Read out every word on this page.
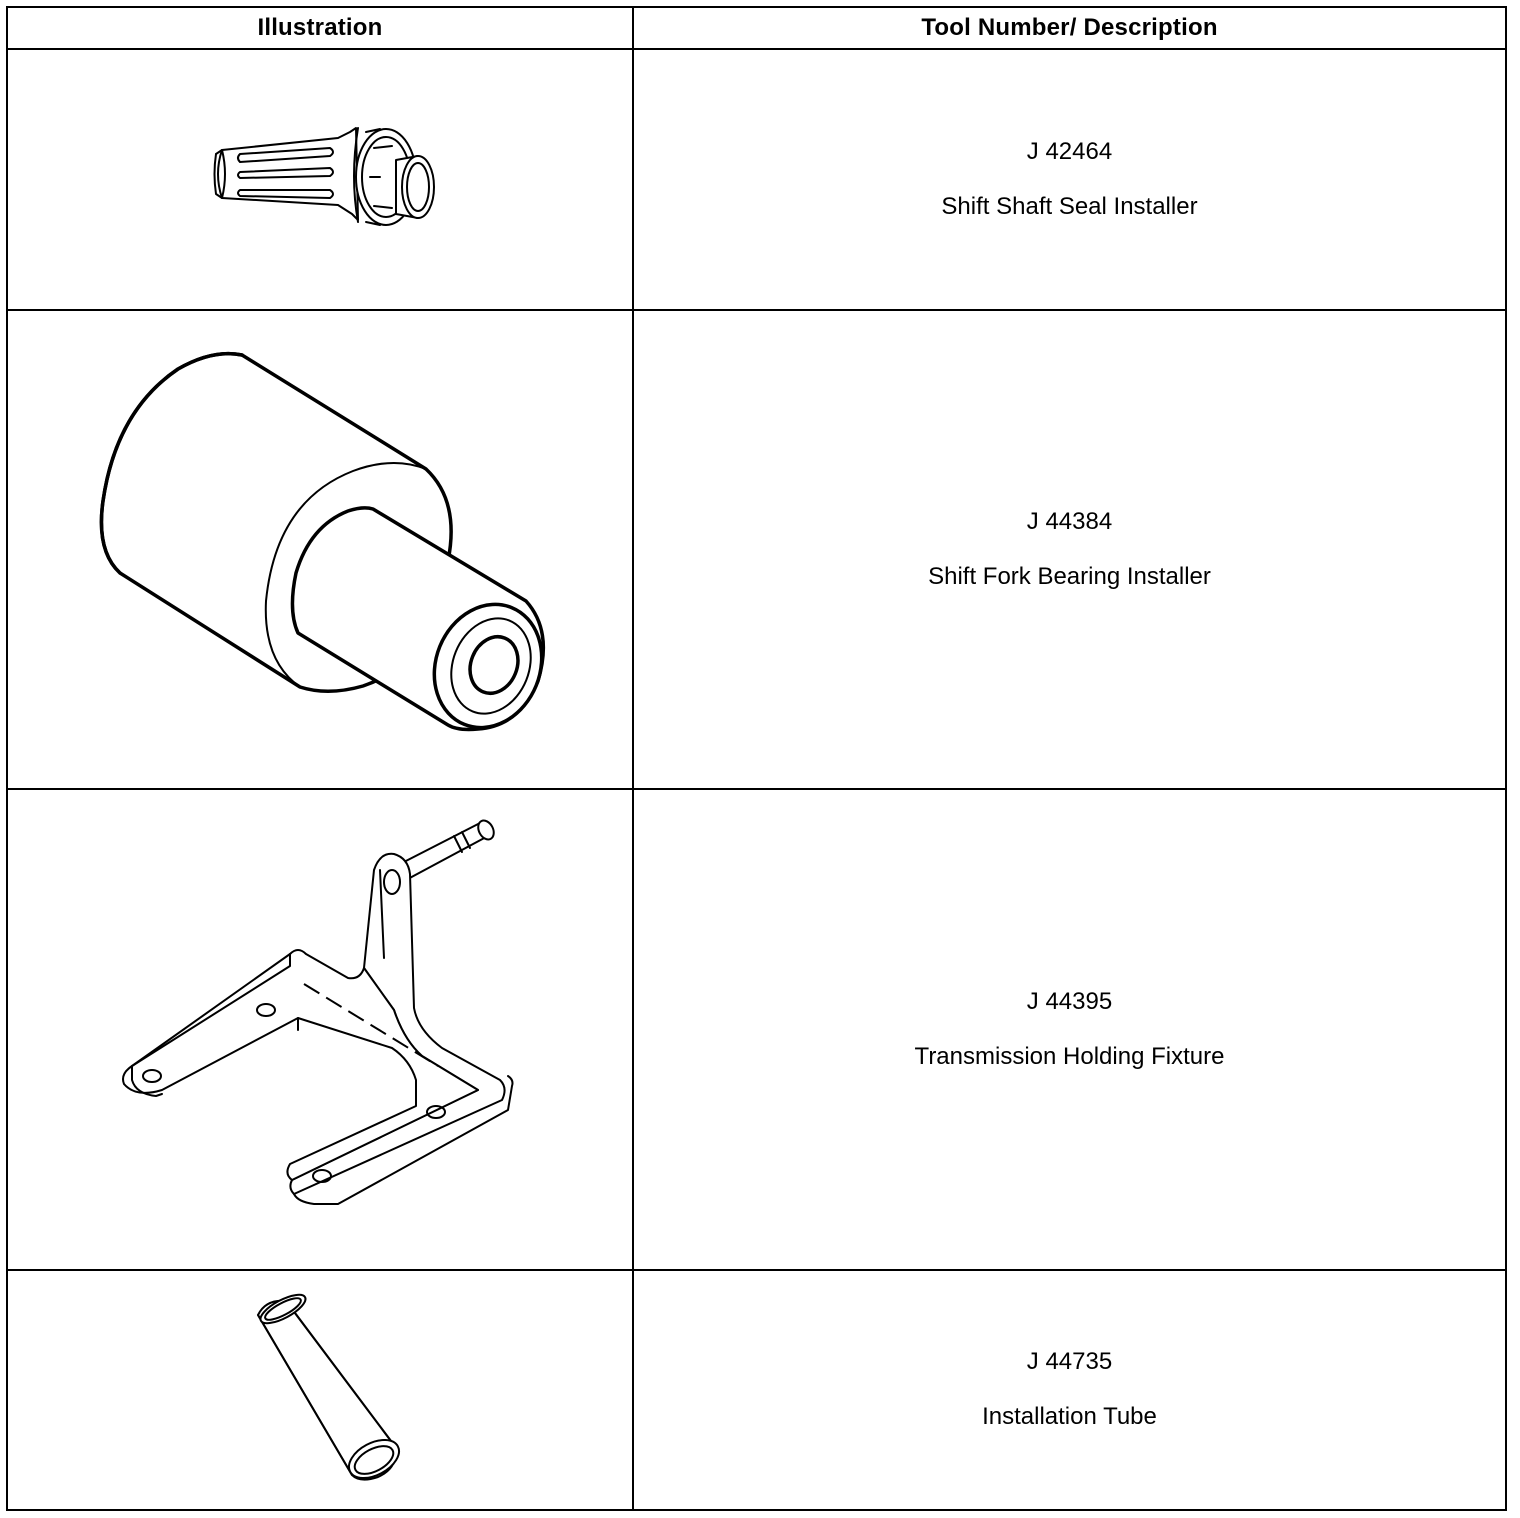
Illustration	Tool Number/ Description

J 42464
Shift Shaft Seal Installer

J 44384
Shift Fork Bearing Installer

J 44395
Transmission Holding Fixture

J 44735
Installation Tube
